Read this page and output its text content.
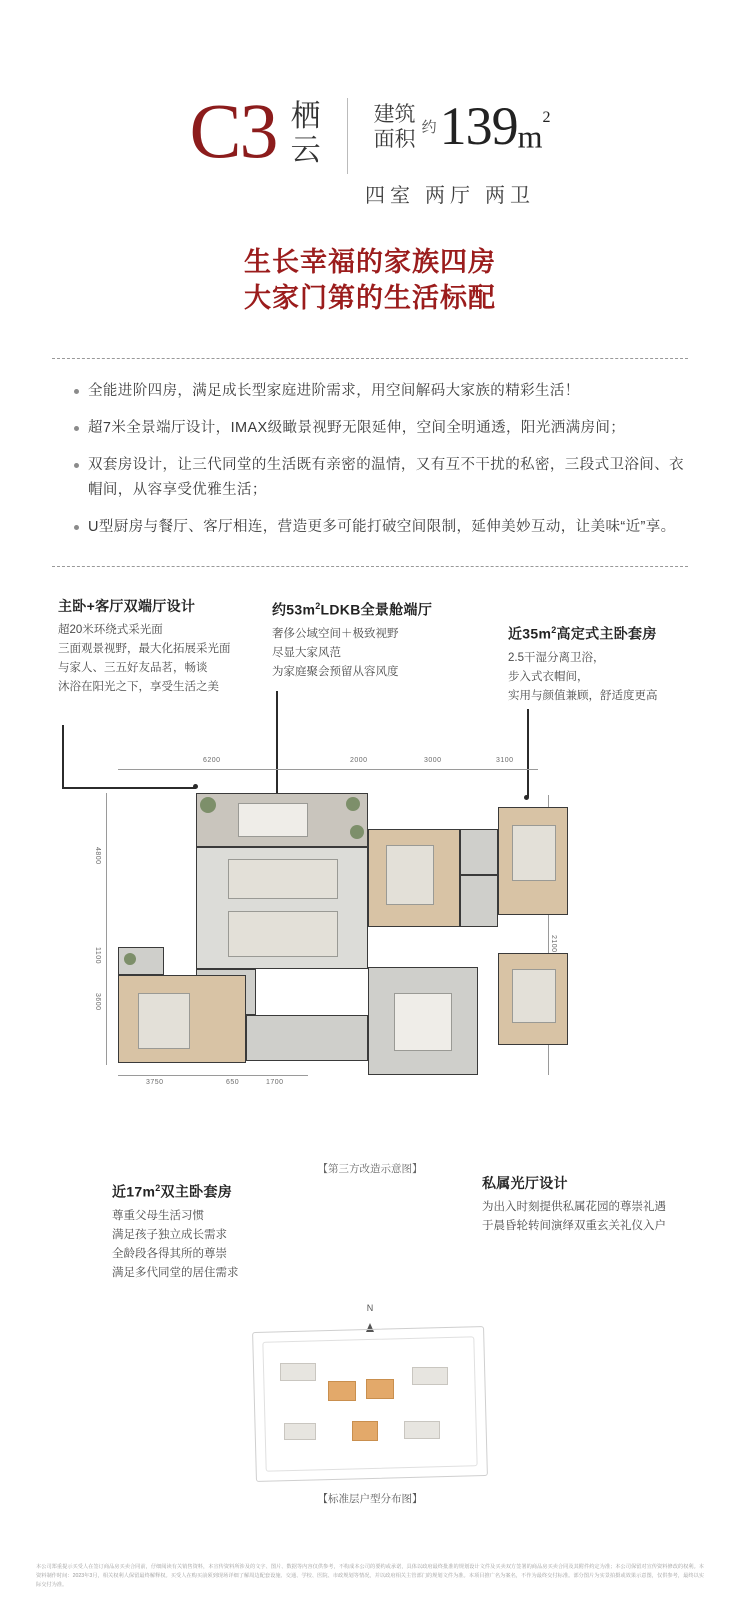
C3 栖
云
建筑
面积 约 139 $m^2$
四室 两厅 两卫
生长幸福的家族四房
大家门第的生活标配
全能进阶四房，满足成长型家庭进阶需求，用空间解码大家族的精彩生活！
超7米全景端厅设计，IMAX级瞰景视野无限延伸，空间全明通透，阳光洒满房间；
双套房设计，让三代同堂的生活既有亲密的温情，又有互不干扰的私密，三段式卫浴间、衣帽间，从容享受优雅生活；
U型厨房与餐厅、客厅相连，营造更多可能打破空间限制，延伸美妙互动，让美味“近”享。
主卧+客厅双端厅设计
超20米环绕式采光面
三面观景视野，最大化拓展采光面
与家人、三五好友品茗，畅谈
沐浴在阳光之下，享受生活之美
约$53m^2LDKB$全景舱端厅
奢侈公域空间＋极致视野
尽显大家风范
为家庭聚会预留从容风度
近$35m^2$高定式主卧套房
2.5干湿分离卫浴，
步入式衣帽间，
实用与颜值兼顾，舒适度更高
近$17m^2$双主卧套房
尊重父母生活习惯
满足孩子独立成长需求
全龄段各得其所的尊崇
满足多代同堂的居住需求
私属光厅设计
为出入时刻提供私属花园的尊崇礼遇
于晨昏轮转间演绎双重玄关礼仪入户
6200	2000	3000	3100
2100
4800
1100
3600
3750	650	1700
【第三方改造示意图】
N
【标准层户型分布图】
本公司郑重提示买受人在签订商品房买卖合同前，仔细阅读有关销售资料，本宣传资料所涉及的文字、图片、数据等内容仅供参考，不构成本公司的要约或承诺，具体以政府最终批准的规划设计文件及买卖双方签署的商品房买卖合同及其附件约定为准；本公司保留对宣传资料修改的权利。本资料制作时间：2023年3月，相关权利人保留最终解释权。买受人在购买前须到现场详细了解周边配套设施、交通、学校、医院、市政规划等情况，并以政府相关主管部门的规划文件为准。本项目推广名为案名，不作为最终交付标准。部分图片为实景拍摄或效果示意图，仅供参考，最终以实际交付为准。
